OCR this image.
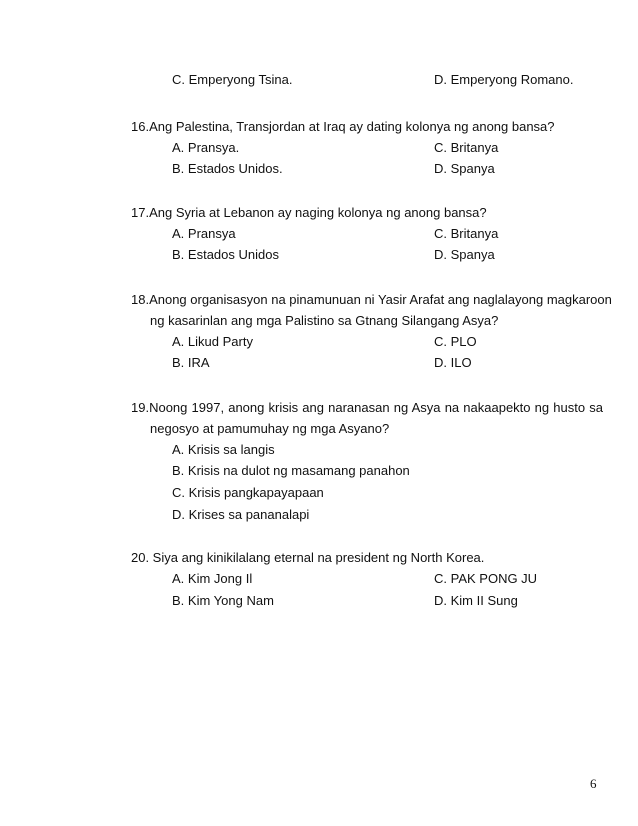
C. Emperyong Tsina.	D. Emperyong Romano.
16.Ang Palestina, Transjordan at Iraq ay dating kolonya ng anong bansa?
A. Pransya.	C. Britanya
B. Estados Unidos.	D. Spanya
17.Ang Syria at Lebanon ay naging kolonya ng anong bansa?
A. Pransya	C. Britanya
B. Estados Unidos	D. Spanya
18.Anong organisasyon na pinamunuan ni Yasir Arafat ang naglalayong magkaroon
ng kasarinlan ang mga Palistino sa Gtnang Silangang Asya?
A. Likud Party	C. PLO
B. IRA	D. ILO
19.Noong 1997, anong krisis ang naranasan ng Asya na nakaapekto ng husto sa
negosyo at pamumuhay ng mga Asyano?
A. Krisis sa langis
B. Krisis na dulot ng masamang panahon
C. Krisis pangkapayapaan
D. Krises sa pananalapi
20. Siya ang kinikilalang eternal na president ng North Korea.
A. Kim Jong Il	C. PAK PONG JU
B. Kim Yong Nam	D. Kim II Sung
6
